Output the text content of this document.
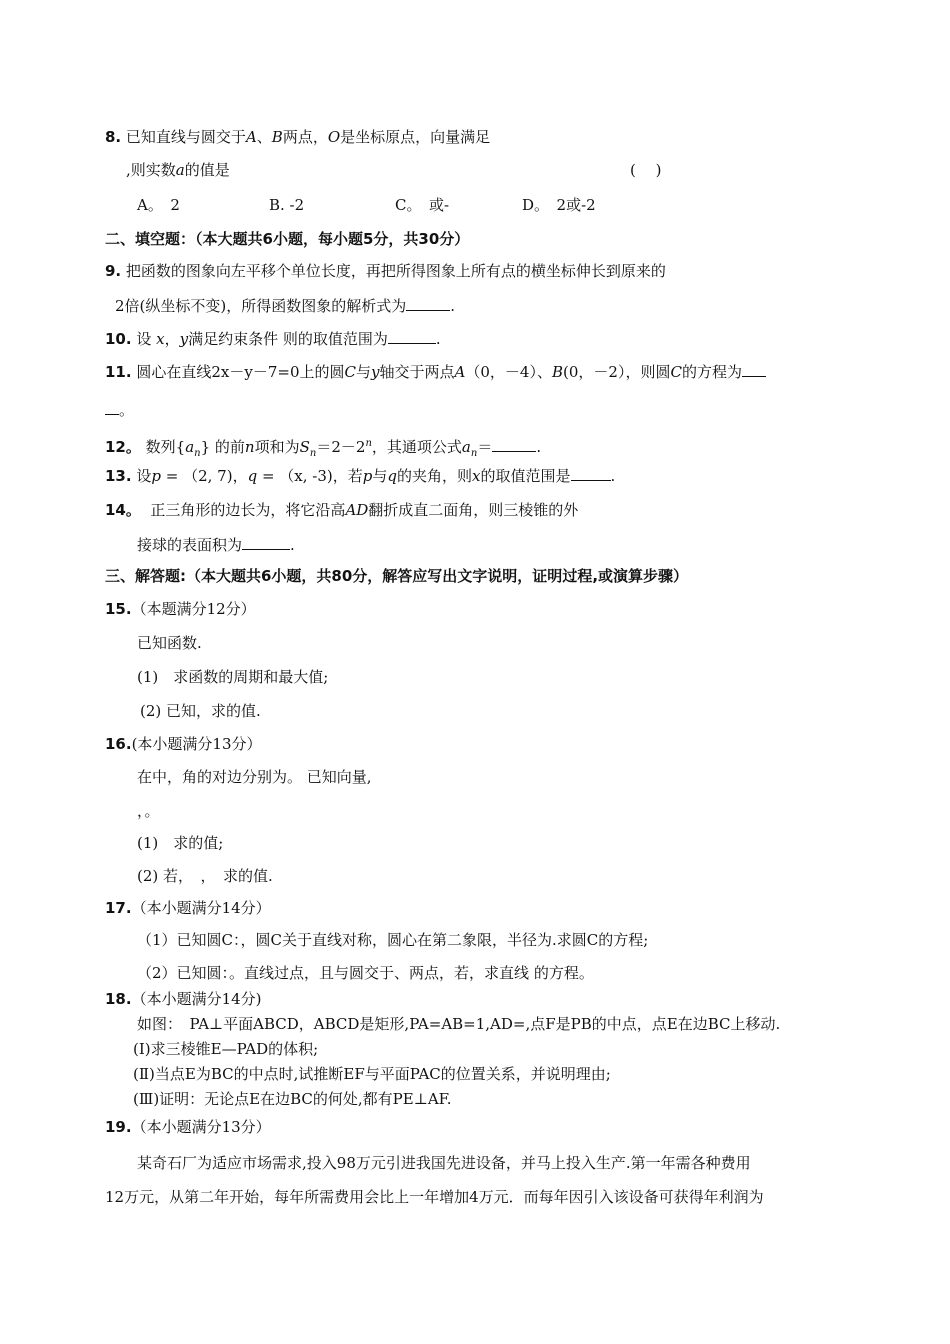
8. 已知直线与圆交于A、B两点，O是坐标原点，向量满足
,则实数a的值是	(　 )
A。　2	B. -2	C。　或-	D。　2或-2
二、填空题：（本大题共6小题，每小题5分，共30分）
9. 把函数的图象向左平移个单位长度，再把所得图象上所有点的横坐标伸长到原来的
2倍(纵坐标不变)，所得函数图象的解析式为	.
10. 设 x，y满足约束条件 则的取值范围为	.
11. 圆心在直线2x－y－7=0上的圆C与y轴交于两点A（0，－4）、B(0，－2），则圆C的方程为
。
12。 数列$\{a_n\}$ 的前n项和为$S_n=2-2^n$，其通项公式$a_n=$	.
13. 设p = （2, 7)，q = （x, -3)，若p与q的夹角，则x的取值范围是	.
14。 正三角形的边长为，将它沿高AD翻折成直二面角，则三棱锥的外
接球的表面积为	.
三、解答题:（本大题共6小题，共80分，解答应写出文字说明，证明过程,或演算步骤）
15.（本题满分12分）
已知函数.
(1)　求函数的周期和最大值;
(2) 已知，求的值.
16.(本小题满分13分）
在中，角的对边分别为。 已知向量,
，。
(1)　求的值;
(2) 若，　，　求的值.
17.（本小题满分14分）
（1）已知圆C：，圆C关于直线对称，圆心在第二象限，半径为.求圆C的方程;
（2）已知圆：。直线过点，且与圆交于、两点，若，求直线 的方程。
18.（本小题满分14分)
如图：　PA⊥平面ABCD，ABCD是矩形,PA=AB=1,AD=,点F是PB的中点，点E在边BC上移动.
(Ⅰ)求三棱锥E—PAD的体积;
(Ⅱ)当点E为BC的中点时,试推断EF与平面PAC的位置关系，并说明理由;
(Ⅲ)证明：无论点E在边BC的何处,都有PE⊥AF.
19.（本小题满分13分）
某奇石厂为适应市场需求,投入98万元引进我国先进设备，并马上投入生产.第一年需各种费用
12万元，从第二年开始，每年所需费用会比上一年增加4万元．而每年因引入该设备可获得年利润为
